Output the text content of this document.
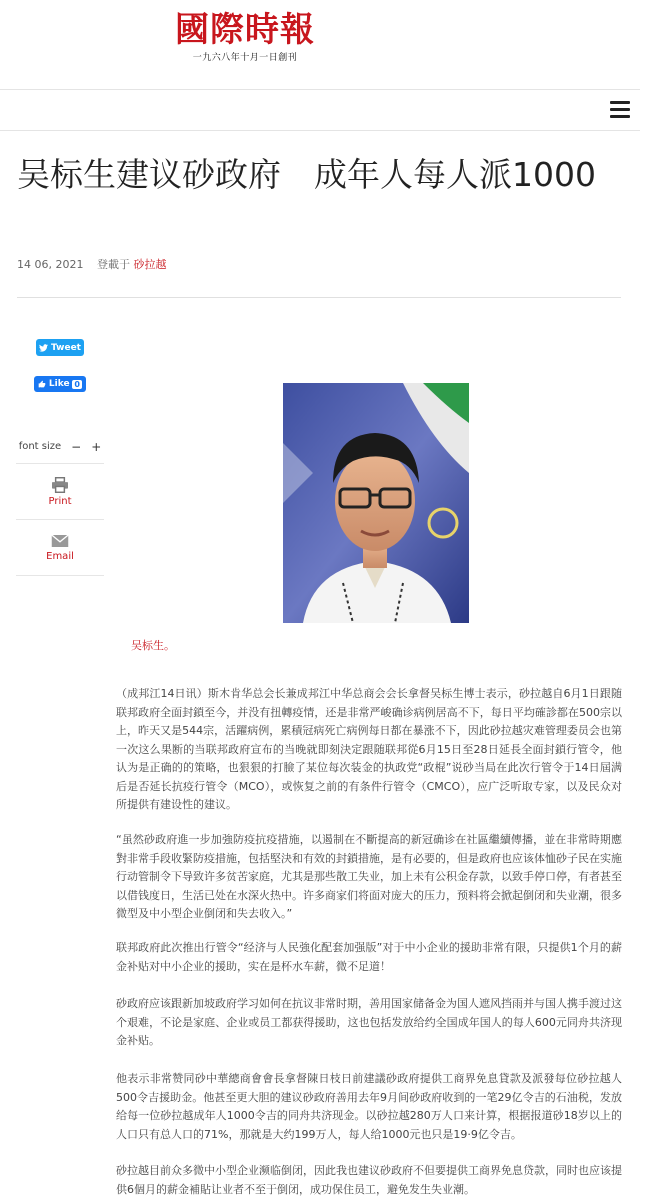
國際時報
一九六八年十月一日創刊
吴标生建议砂政府　成年人每人派1000
14 06, 2021 登載于 砂拉越
Tweet
Like 0
font size − +
Print
Email
吴标生。

（成邦江14日讯）斯木肯华总会长兼成邦江中华总商会会长拿督吴标生博士表示，砂拉越自6月1日跟随联邦政府全面封鎖至今，并没有扭轉疫情，还是非常严峻确诊病例居高不下，每日平均確診都在500宗以上，昨天又是544宗，活躍病例，累積冠病死亡病例每日都在暴涨不下，因此砂拉越灾难管理委员会也第一次这么果断的当联邦政府宣布的当晚就即刻決定跟随联邦從6月15日至28日延長全面封鎖行管令，他认为是正确的的策略，也狠狠的打臉了某位每次装金的执政党“政棍”说砂当局在此次行管令于14日屆满后是否延长抗疫行管令（MCO），或恢复之前的有条件行管令（CMCO），应广泛听取专家，以及民众对所提供有建设性的建议。

“虽然砂政府進一步加強防疫抗疫措施，以遏制在不斷提高的新冠确诊在社區繼續傳播，並在非常時期應對非常手段收緊防疫措施，包括堅決和有效的封鎖措施，是有必要的，但是政府也应该体恤砂子民在实施行动管制令下导致许多贫苦家庭，尤其是那些散工失业，加上未有公积金存款，以致手停口停，有者甚至以借钱度日，生活已处在水深火热中。许多商家们将面对庞大的压力，预料将会掀起倒闭和失业潮，很多微型及中小型企业倒闭和失去收入。”

联邦政府此次推出行管令“经济与人民強化配套加强版”对于中小企业的援助非常有限，只提供1个月的薪金补贴对中小企业的援助，实在是杯水车薪，微不足道！

砂政府应该跟新加坡政府学习如何在抗议非常时期，善用国家储备金为国人遮风挡雨并与国人携手渡过这个艰难，不论是家庭、企业或员工都获得援助，这也包括发放给约全国成年国人的每人600元同舟共济现金补贴。

他表示非常赞同砂中華總商會會長拿督陳日枝日前建議砂政府提供工商界免息貸款及派發每位砂拉越人500令吉援助金。他甚至更大胆的建议砂政府善用去年9月间砂政府收到的一笔29亿令吉的石油税，发放给每一位砂拉越成年人1000令吉的同舟共济现金。以砂拉越280万人口来计算，根据报道砂18岁以上的人口只有总人口的71%，那就是大约199万人，每人给1000元也只是19·9亿令吉。

砂拉越目前众多微中小型企业濒临倒闭，因此我也建议砂政府不但要提供工商界免息贷款，同时也应该提供6個月的薪金補貼让业者不至于倒闭，成功保住员工，避免发生失业潮。
